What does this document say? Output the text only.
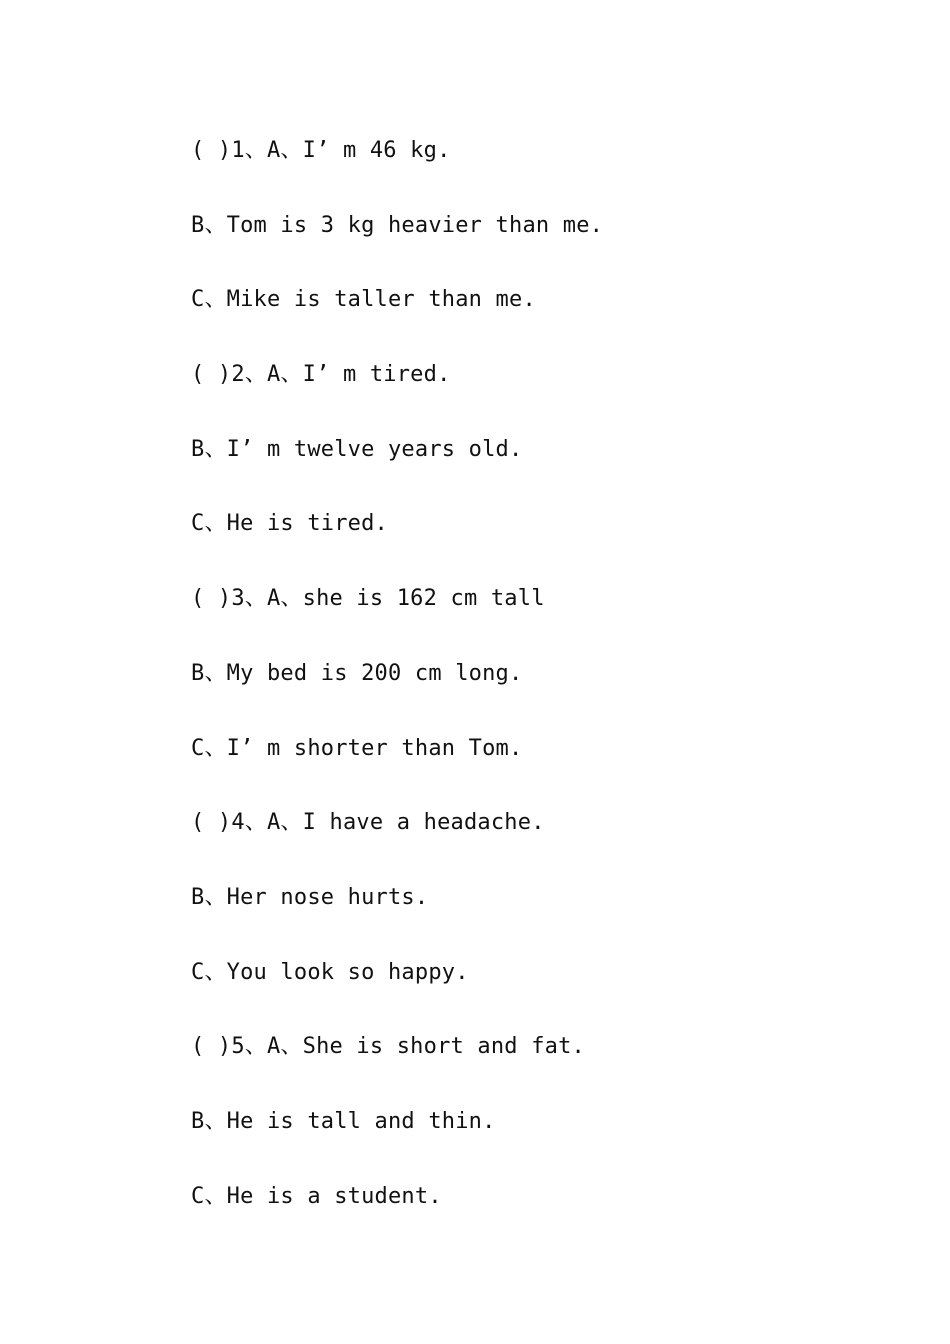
( )1、A、I’ m 46 kg.
B、Tom is 3 kg heavier than me.
C、Mike is taller than me.
( )2、A、I’ m tired.
B、I’ m twelve years old.
C、He is tired.
( )3、A、she is 162 cm tall
B、My bed is 200 cm long.
C、I’ m shorter than Tom.
( )4、A、I have a headache.
B、Her nose hurts.
C、You look so happy.
( )5、A、She is short and fat.
B、He is tall and thin.
C、He is a student.
